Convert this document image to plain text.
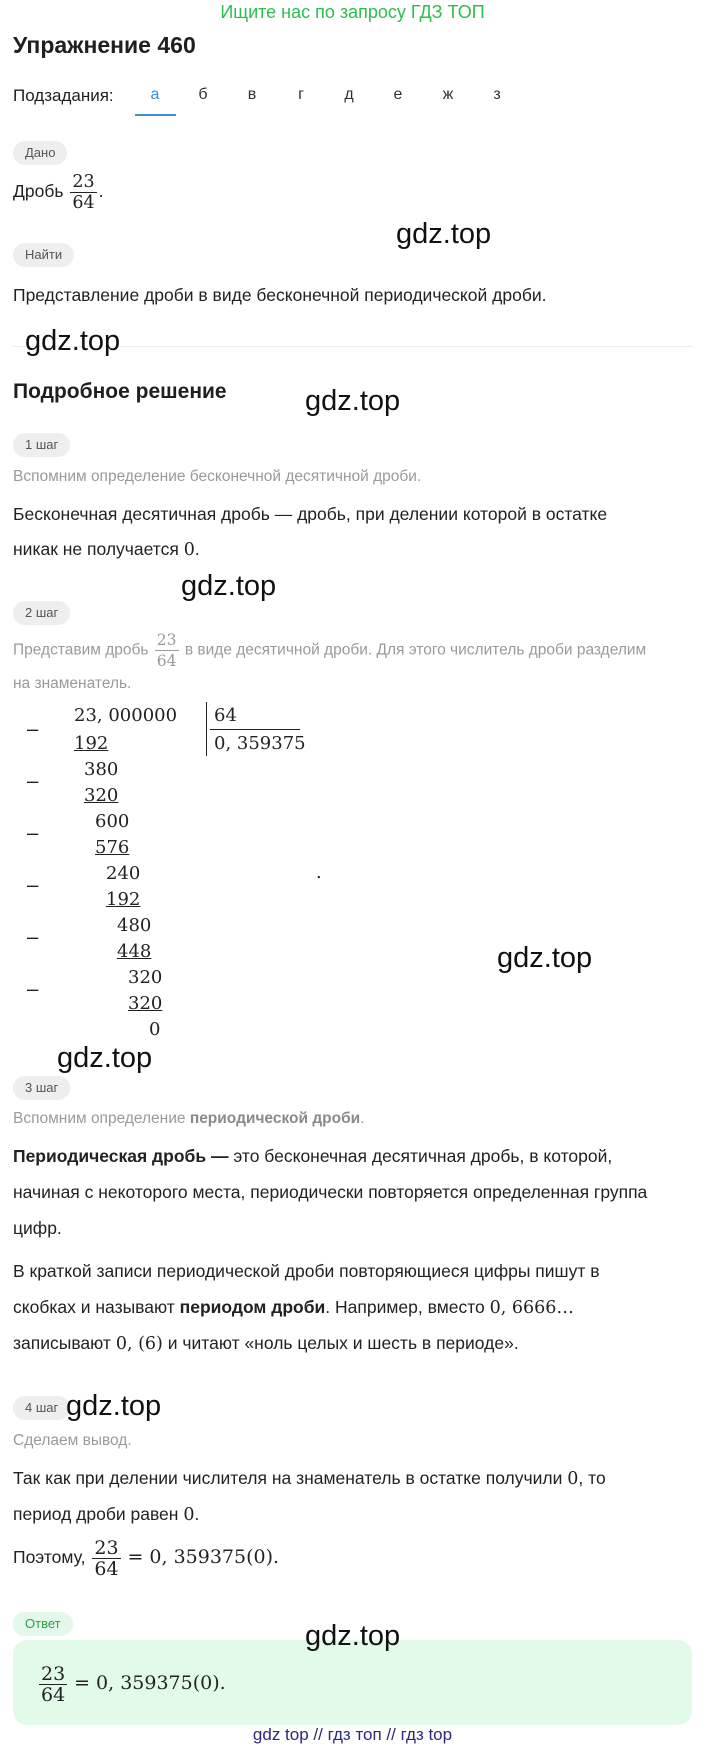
Ищите нас по запросу ГДЗ ТОП
Упражнение 460
Подзадания:	а	б	в	г	д	е	ж	з
Дано
Дробь $\frac{23}{64}$ .
Найти
Представление дроби в виде бесконечной периодической дроби.
Подробное решение
1 шаг
Вспомним определение бесконечной десятичной дроби.
Бесконечная десятичная дробь — дробь, при делении которой в остатке
никак не получается 0.
2 шаг
Представим дробь $\frac{23}{64}$ в виде десятичной дроби. Для этого числитель дроби разделим
на знаменатель.
23, 000000 64
0, 359375
−
192
380
−
320
600
−
576
240
−
192
480
−
448
320
−
320
0
.
3 шаг
Вспомним определение периодической дроби.
Периодическая дробь — это бесконечная десятичная дробь, в которой,
начиная с некоторого места, периодически повторяется определенная группа
цифр.
В краткой записи периодической дроби повторяющиеся цифры пишут в
скобках и называют периодом дроби. Например, вместо 0, 6666…
записывают 0, (6) и читают «ноль целых и шесть в периоде».
4 шаг
Сделаем вывод.
Так как при делении числителя на знаменатель в остатке получили 0, то
период дроби равен 0.
Поэтому, $\frac{23}{64} = 0$, 359375(0).
Ответ
$\frac{23}{64} = 0$, 359375(0).
gdz.top
gdz.top
gdz.top
gdz.top
gdz.top
gdz.top
gdz.top
gdz.top
gdz top // гдз топ // гдз top
